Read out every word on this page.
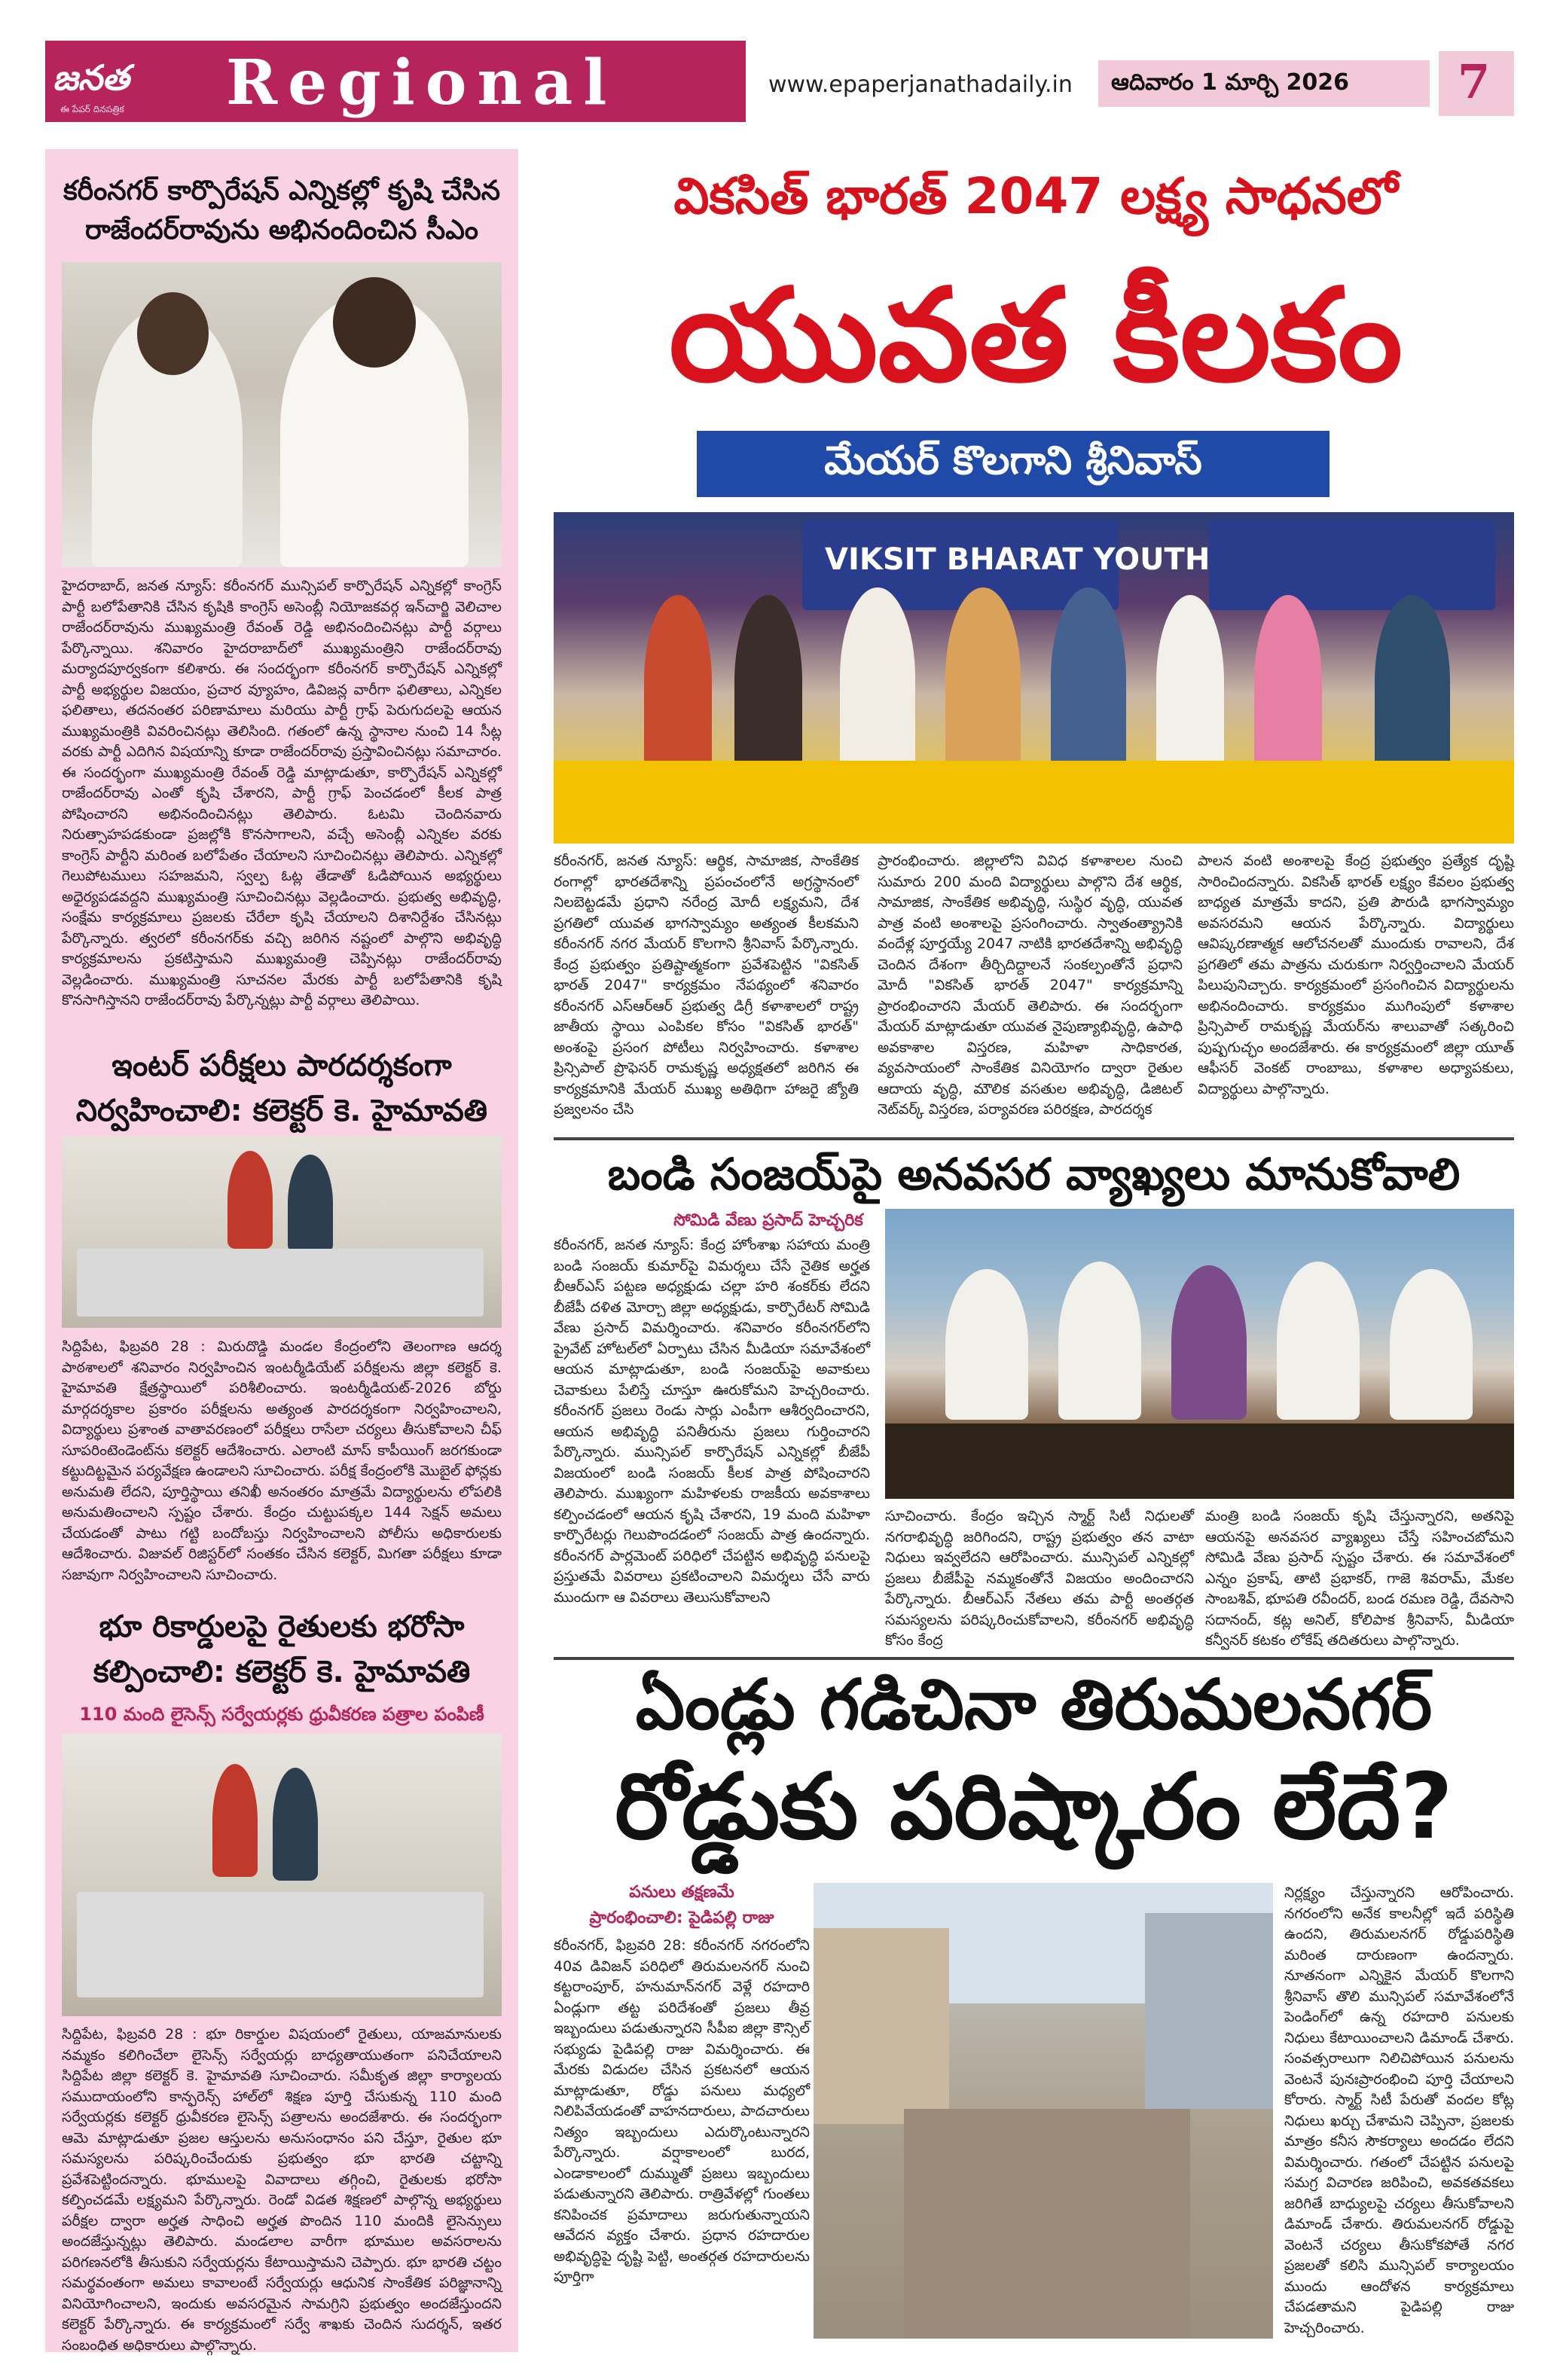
జనత
ఈ పేపర్ దినపత్రిక	Regional	www.epaperjanathadaily.in ఆదివారం 1 మార్చి 2026 7
కరీంనగర్ కార్పొరేషన్ ఎన్నికల్లో కృషి చేసిన రాజేందర్‌రావును అభినందించిన సీఎం
హైదరాబాద్, జనత న్యూస్: కరీంనగర్ మున్సిపల్ కార్పొరేషన్ ఎన్నికల్లో కాంగ్రెస్ పార్టీ బలోపేతానికి చేసిన కృషికి కాంగ్రెస్ అసెంబ్లీ నియోజకవర్గ ఇన్‌చార్జి వెలిచాల రాజేందర్‌రావును ముఖ్యమంత్రి రేవంత్ రెడ్డి అభినందించినట్లు పార్టీ వర్గాలు పేర్కొన్నాయి. శనివారం హైదరాబాద్‌లో ముఖ్యమంత్రిని రాజేందర్‌రావు మర్యాదపూర్వకంగా కలిశారు. ఈ సందర్భంగా కరీంనగర్ కార్పొరేషన్ ఎన్నికల్లో పార్టీ అభ్యర్థుల విజయం, ప్రచార వ్యూహం, డివిజన్ల వారీగా ఫలితాలు, ఎన్నికల ఫలితాలు, తదనంతర పరిణామాలు మరియు పార్టీ గ్రాఫ్ పెరుగుదలపై ఆయన ముఖ్యమంత్రికి వివరించినట్లు తెలిసింది. గతంలో ఉన్న స్థానాల నుంచి 14 సీట్ల వరకు పార్టీ ఎదిగిన విషయాన్ని కూడా రాజేందర్‌రావు ప్రస్తావించినట్లు సమాచారం. ఈ సందర్భంగా ముఖ్యమంత్రి రేవంత్ రెడ్డి మాట్లాడుతూ, కార్పొరేషన్ ఎన్నికల్లో రాజేందర్‌రావు ఎంతో కృషి చేశారని, పార్టీ గ్రాఫ్ పెంచడంలో కీలక పాత్ర పోషించారని అభినందించినట్లు తెలిపారు. ఓటమి చెందినవారు నిరుత్సాహపడకుండా ప్రజల్లోకి కొనసాగాలని, వచ్చే అసెంబ్లీ ఎన్నికల వరకు కాంగ్రెస్ పార్టీని మరింత బలోపేతం చేయాలని సూచించినట్లు తెలిపారు. ఎన్నికల్లో గెలుపోటములు సహజమని, స్వల్ప ఓట్ల తేడాతో ఓడిపోయిన అభ్యర్థులు అధైర్యపడవద్దని ముఖ్యమంత్రి సూచించినట్లు వెల్లడించారు. ప్రభుత్వ అభివృద్ధి, సంక్షేమ కార్యక్రమాలు ప్రజలకు చేరేలా కృషి చేయాలని దిశానిర్దేశం చేసినట్లు పేర్కొన్నారు. త్వరలో కరీంనగర్‌కు వచ్చి జరిగిన నష్టంలో పాల్గొని అభివృద్ధి కార్యక్రమాలను ప్రకటిస్తామని ముఖ్యమంత్రి చెప్పినట్లు రాజేందర్‌రావు వెల్లడించారు. ముఖ్యమంత్రి సూచనల మేరకు పార్టీ బలోపేతానికి కృషి కొనసాగిస్తానని రాజేందర్‌రావు పేర్కొన్నట్లు పార్టీ వర్గాలు తెలిపాయి.
ఇంటర్ పరీక్షలు పారదర్శకంగా నిర్వహించాలి: కలెక్టర్ కె. హైమావతి
సిద్దిపేట, ఫిబ్రవరి 28 : మిరుదొడ్డి మండల కేంద్రంలోని తెలంగాణ ఆదర్శ పాఠశాలలో శనివారం నిర్వహించిన ఇంటర్మీడియేట్ పరీక్షలను జిల్లా కలెక్టర్ కె. హైమావతి క్షేత్రస్థాయిలో పరిశీలించారు. ఇంటర్మీడియట్-2026 బోర్డు మార్గదర్శకాల ప్రకారం పరీక్షలను అత్యంత పారదర్శకంగా నిర్వహించాలని, విద్యార్థులు ప్రశాంత వాతావరణంలో పరీక్షలు రాసేలా చర్యలు తీసుకోవాలని చీఫ్ సూపరింటెండెంట్‌ను కలెక్టర్ ఆదేశించారు. ఎలాంటి మాస్ కాపీయింగ్ జరగకుండా కట్టుదిట్టమైన పర్యవేక్షణ ఉండాలని సూచించారు. పరీక్ష కేంద్రంలోకి మొబైల్ ఫోన్లకు అనుమతి లేదని, పూర్తిస్థాయి తనిఖీ అనంతరం మాత్రమే విద్యార్థులను లోపలికి అనుమతించాలని స్పష్టం చేశారు. కేంద్రం చుట్టుపక్కల 144 సెక్షన్ అమలు చేయడంతో పాటు గట్టి బందోబస్తు నిర్వహించాలని పోలీసు అధికారులకు ఆదేశించారు. విజువల్ రిజిస్టర్‌లో సంతకం చేసిన కలెక్టర్, మిగతా పరీక్షలు కూడా సజావుగా నిర్వహించాలని సూచించారు.
భూ రికార్డులపై రైతులకు భరోసా కల్పించాలి: కలెక్టర్ కె. హైమావతి
110 మంది లైసెన్స్ సర్వేయర్లకు ధ్రువీకరణ పత్రాల పంపిణీ
సిద్దిపేట, ఫిబ్రవరి 28 : భూ రికార్డుల విషయంలో రైతులు, యాజమానులకు నమ్మకం కలిగించేలా లైసెన్స్ సర్వేయర్లు బాధ్యతాయుతంగా పనిచేయాలని సిద్దిపేట జిల్లా కలెక్టర్ కె. హైమావతి సూచించారు. సమీకృత జిల్లా కార్యాలయ సముదాయంలోని కాన్ఫరెన్స్ హాల్‌లో శిక్షణ పూర్తి చేసుకున్న 110 మంది సర్వేయర్లకు కలెక్టర్ ధ్రువీకరణ లైసెన్స్ పత్రాలను అందజేశారు. ఈ సందర్భంగా ఆమె మాట్లాడుతూ ప్రజల ఆస్తులను అనుసంధానం పని చేస్తూ, రైతుల భూ సమస్యలను పరిష్కరించేందుకు ప్రభుత్వం భూ భారతి చట్టాన్ని ప్రవేశపెట్టిందన్నారు. భూములపై వివాదాలు తగ్గించి, రైతులకు భరోసా కల్పించడమే లక్ష్యమని పేర్కొన్నారు. రెండో విడత శిక్షణలో పాల్గొన్న అభ్యర్థులు పరీక్షల ద్వారా అర్హత సాధించి అర్హత పొందిన 110 మందికి లైసెన్సులు అందజేస్తున్నట్లు తెలిపారు. మండలాల వారీగా భూముల అవసరాలను పరిగణనలోకి తీసుకుని సర్వేయర్లను కేటాయిస్తామని చెప్పారు. భూ భారతి చట్టం సమర్థవంతంగా అమలు కావాలంటే సర్వేయర్లు ఆధునిక సాంకేతిక పరిజ్ఞానాన్ని వినియోగించాలని, ఇందుకు అవసరమైన సామగ్రిని ప్రభుత్వం అందజేస్తుందని కలెక్టర్ పేర్కొన్నారు. ఈ కార్యక్రమంలో సర్వే శాఖకు చెందిన సుదర్శన్, ఇతర సంబంధిత అధికారులు పాల్గొన్నారు.
వికసిత్ భారత్ 2047 లక్ష్య సాధనలో
యువత కీలకం
మేయర్ కొలగాని శ్రీనివాస్
VIKSIT BHARAT YOUTH
కరీంనగర్, జనత న్యూస్: ఆర్థిక, సామాజిక, సాంకేతిక రంగాల్లో భారతదేశాన్ని ప్రపంచంలోనే అగ్రస్థానంలో నిలబెట్టడమే ప్రధాని నరేంద్ర మోదీ లక్ష్యమని, దేశ ప్రగతిలో యువత భాగస్వామ్యం అత్యంత కీలకమని కరీంనగర్ నగర మేయర్ కొలగాని శ్రీనివాస్ పేర్కొన్నారు. కేంద్ర ప్రభుత్వం ప్రతిష్టాత్మకంగా ప్రవేశపెట్టిన "వికసిత్ భారత్ 2047" కార్యక్రమం నేపథ్యంలో శనివారం కరీంనగర్ ఎస్ఆర్ఆర్ ప్రభుత్వ డిగ్రీ కళాశాలలో రాష్ట్ర జాతీయ స్థాయి ఎంపికల కోసం "వికసిత్ భారత్" అంశంపై ప్రసంగ పోటీలు నిర్వహించారు. కళాశాల ప్రిన్సిపాల్ ప్రొఫెసర్ రామకృష్ణ అధ్యక్షతలో జరిగిన ఈ కార్యక్రమానికి మేయర్ ముఖ్య అతిథిగా హాజరై జ్యోతి ప్రజ్వలనం చేసి
ప్రారంభించారు. జిల్లాలోని వివిధ కళాశాలల నుంచి సుమారు 200 మంది విద్యార్థులు పాల్గొని దేశ ఆర్థిక, సామాజిక, సాంకేతిక అభివృద్ధి, సుస్థిర వృద్ధి, యువత పాత్ర వంటి అంశాలపై ప్రసంగించారు. స్వాతంత్య్రానికి వందేళ్ల పూర్తయ్యే 2047 నాటికి భారతదేశాన్ని అభివృద్ధి చెందిన దేశంగా తీర్చిదిద్దాలనే సంకల్పంతోనే ప్రధాని మోదీ "వికసిత్ భారత్ 2047" కార్యక్రమాన్ని ప్రారంభించారని మేయర్ తెలిపారు. ఈ సందర్భంగా మేయర్ మాట్లాడుతూ యువత నైపుణ్యాభివృద్ధి, ఉపాధి అవకాశాల విస్తరణ, మహిళా సాధికారత, వ్యవసాయంలో సాంకేతిక వినియోగం ద్వారా రైతుల ఆదాయ వృద్ధి, మౌలిక వసతుల అభివృద్ధి, డిజిటల్ నెట్‌వర్క్ విస్తరణ, పర్యావరణ పరిరక్షణ, పారదర్శక
పాలన వంటి అంశాలపై కేంద్ర ప్రభుత్వం ప్రత్యేక దృష్టి సారించిందన్నారు. వికసిత్ భారత్ లక్ష్యం కేవలం ప్రభుత్వ బాధ్యత మాత్రమే కాదని, ప్రతి పౌరుడి భాగస్వామ్యం అవసరమని ఆయన పేర్కొన్నారు. విద్యార్థులు ఆవిష్కరణాత్మక ఆలోచనలతో ముందుకు రావాలని, దేశ ప్రగతిలో తమ పాత్రను చురుకుగా నిర్వర్తించాలని మేయర్ పిలుపునిచ్చారు. కార్యక్రమంలో ప్రసంగించిన విద్యార్థులను అభినందించారు. కార్యక్రమం ముగింపులో కళాశాల ప్రిన్సిపాల్ రామకృష్ణ మేయర్‌ను శాలువాతో సత్కరించి పుష్పగుచ్ఛం అందజేశారు. ఈ కార్యక్రమంలో జిల్లా యూత్ ఆఫీసర్ వెంకట్ రాంబాబు, కళాశాల అధ్యాపకులు, విద్యార్థులు పాల్గొన్నారు.
బండి సంజయ్‌పై అనవసర వ్యాఖ్యలు మానుకోవాలి
సోమిడి వేణు ప్రసాద్ హెచ్చరిక
కరీంనగర్, జనత న్యూస్: కేంద్ర హోంశాఖ సహాయ మంత్రి బండి సంజయ్ కుమార్‌పై విమర్శలు చేసే నైతిక అర్హత బీఆర్ఎస్ పట్టణ అధ్యక్షుడు చల్లా హరి శంకర్‌కు లేదని బీజేపీ దళిత మోర్చా జిల్లా అధ్యక్షుడు, కార్పొరేటర్ సోమిడి వేణు ప్రసాద్ విమర్శించారు. శనివారం కరీంనగర్‌లోని ప్రైవేట్ హోటల్‌లో ఏర్పాటు చేసిన మీడియా సమావేశంలో ఆయన మాట్లాడుతూ, బండి సంజయ్‌పై అవాకులు చెవాకులు పేలిస్తే చూస్తూ ఊరుకోమని హెచ్చరించారు. కరీంనగర్ ప్రజలు రెండు సార్లు ఎంపీగా ఆశీర్వదించారని, ఆయన అభివృద్ధి పనితీరును ప్రజలు గుర్తించారని పేర్కొన్నారు. మున్సిపల్ కార్పొరేషన్ ఎన్నికల్లో బీజేపీ విజయంలో బండి సంజయ్ కీలక పాత్ర పోషించారని తెలిపారు. ముఖ్యంగా మహిళలకు రాజకీయ అవకాశాలు కల్పించడంలో ఆయన కృషి చేశారని, 19 మంది మహిళా కార్పొరేటర్లు గెలుపొందడంలో సంజయ్ పాత్ర ఉందన్నారు. కరీంనగర్ పార్లమెంట్ పరిధిలో చేపట్టిన అభివృద్ధి పనులపై ప్రస్తుతమే వివరాలు ప్రకటించాలని విమర్శలు చేసే వారు ముందుగా ఆ వివరాలు తెలుసుకోవాలని
సూచించారు. కేంద్రం ఇచ్చిన స్మార్ట్ సిటీ నిధులతో నగరాభివృద్ధి జరిగిందని, రాష్ట్ర ప్రభుత్వం తన వాటా నిధులు ఇవ్వలేదని ఆరోపించారు. మున్సిపల్ ఎన్నికల్లో ప్రజలు బీజేపీపై నమ్మకంతోనే విజయం అందించారని పేర్కొన్నారు. బీఆర్ఎస్ నేతలు తమ పార్టీ అంతర్గత సమస్యలను పరిష్కరించుకోవాలని, కరీంనగర్ అభివృద్ధి కోసం కేంద్ర
మంత్రి బండి సంజయ్ కృషి చేస్తున్నారని, అతనిపై ఆయనపై అనవసర వ్యాఖ్యలు చేస్తే సహించబోమని సోమిడి వేణు ప్రసాద్ స్పష్టం చేశారు. ఈ సమావేశంలో ఎన్నం ప్రకాష్, తాటి ప్రభాకర్, గాజె శివరామ్, మేకల సాంబశివ్, భూపతి రవీందర్, బండ రమణ రెడ్డి, దేవసాని సదానంద్, కట్ల అనిల్, కోలిపాక శ్రీనివాస్, మీడియా కన్వీనర్ కటకం లోకేష్ తదితరులు పాల్గొన్నారు.
ఏండ్లు గడిచినా తిరుమలనగర్
రోడ్డుకు పరిష్కారం లేదే?
పనులు తక్షణమే
ప్రారంభించాలి: పైడిపల్లి రాజు
కరీంనగర్, ఫిబ్రవరి 28: కరీంనగర్ నగరంలోని 40వ డివిజన్ పరిధిలో తిరుమలనగర్ నుంచి కట్టరాంపూర్, హనుమాన్‌నగర్ వెళ్లే రహదారి ఏండ్లుగా తట్ట పరిదేశంతో ప్రజలు తీవ్ర ఇబ్బందులు పడుతున్నారని సీపీఐ జిల్లా కౌన్సిల్ సభ్యుడు పైడిపల్లి రాజు విమర్శించారు. ఈ మేరకు విడుదల చేసిన ప్రకటనలో ఆయన మాట్లాడుతూ, రోడ్డు పనులు మధ్యలో నిలిపివేయడంతో వాహనదారులు, పాదచారులు నిత్యం ఇబ్బందులు ఎదుర్కొంటున్నారని పేర్కొన్నారు. వర్షాకాలంలో బురద, ఎండాకాలంలో దుమ్ముతో ప్రజలు ఇబ్బందులు పడుతున్నారని తెలిపారు. రాత్రివేళల్లో గుంతలు కనిపించక ప్రమాదాలు జరుగుతున్నాయని ఆవేదన వ్యక్తం చేశారు. ప్రధాన రహదారుల అభివృద్ధిపై దృష్టి పెట్టి, అంతర్గత రహదారులను పూర్తిగా
నిర్లక్ష్యం చేస్తున్నారని ఆరోపించారు. నగరంలోని అనేక కాలనీల్లో ఇదే పరిస్థితి ఉందని, తిరుమలనగర్ రోడ్డుపరిస్థితి మరింత దారుణంగా ఉందన్నారు. నూతనంగా ఎన్నికైన మేయర్ కొలగాని శ్రీనివాస్ తొలి మున్సిపల్ సమావేశంలోనే పెండింగ్‌లో ఉన్న రహదారి పనులకు నిధులు కేటాయించాలని డిమాండ్ చేశారు. సంవత్సరాలుగా నిలిచిపోయిన పనులను వెంటనే పునఃప్రారంభించి పూర్తి చేయాలని కోరారు. స్మార్ట్ సిటీ పేరుతో వందల కోట్ల నిధులు ఖర్చు చేశామని చెప్పినా, ప్రజలకు మాత్రం కనీస సౌకర్యాలు అందడం లేదని విమర్శించారు. గతంలో చేపట్టిన పనులపై సమగ్ర విచారణ జరిపించి, అవకతవకలు జరిగితే బాధ్యులపై చర్యలు తీసుకోవాలని డిమాండ్ చేశారు. తిరుమలనగర్ రోడ్డుపై వెంటనే చర్యలు తీసుకోకపోతే నగర ప్రజలతో కలిసి మున్సిపల్ కార్యాలయం ముందు ఆందోళన కార్యక్రమాలు చేపడతామని పైడిపల్లి రాజు హెచ్చరించారు.
